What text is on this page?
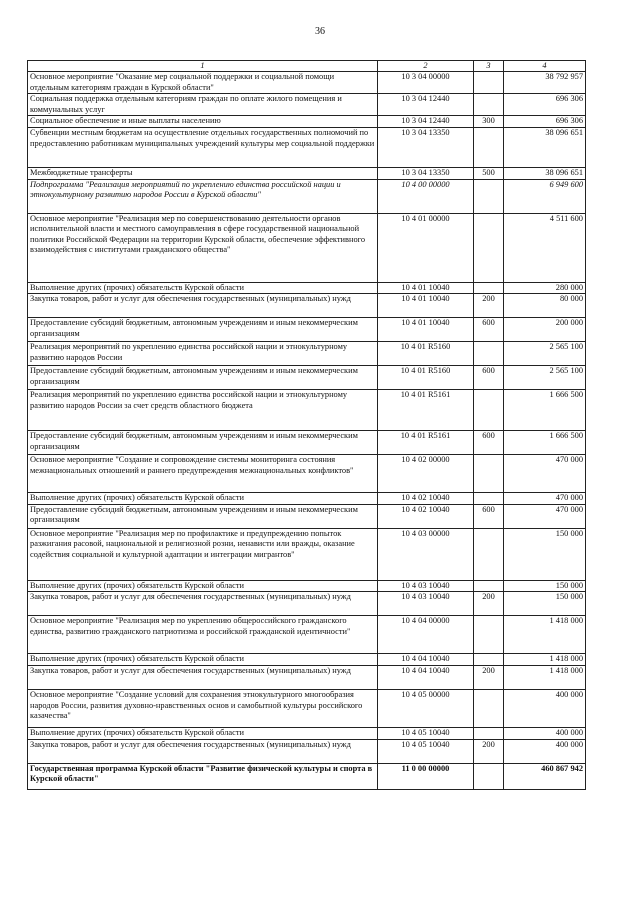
36
1	2	3	4
Основное мероприятие "Оказание мер социальной поддержки и социальной помощи отдельным категориям граждан в Курской области"	10 3 04 00000		38 792 957
Социальная поддержка отдельным категориям граждан по оплате жилого помещения и коммунальных услуг	10 3 04 12440		696 306
Социальное обеспечение и иные выплаты населению	10 3 04 12440	300	696 306
Субвенции местным бюджетам на осуществление отдельных государственных полномочий по предоставлению работникам муниципальных учреждений культуры мер социальной поддержки	10 3 04 13350		38 096 651
Межбюджетные трансферты	10 3 04 13350	500	38 096 651
Подпрограмма "Реализация мероприятий по укреплению единства российской нации и этнокультурному развитию народов России в Курской области"	10 4 00 00000		6 949 600
Основное мероприятие "Реализация мер по совершенствованию деятельности органов исполнительной власти и местного самоуправления в сфере государственной национальной политики Российской Федерации на территории Курской области, обеспечение эффективного взаимодействия с институтами гражданского общества"	10 4 01 00000		4 511 600
Выполнение других (прочих) обязательств Курской области	10 4 01 10040		280 000
Закупка товаров, работ и услуг для обеспечения государственных (муниципальных) нужд	10 4 01 10040	200	80 000
Предоставление субсидий бюджетным, автономным учреждениям и иным некоммерческим организациям	10 4 01 10040	600	200 000
Реализация мероприятий по укреплению единства российской нации и этнокультурному развитию народов России	10 4 01 R5160		2 565 100
Предоставление субсидий бюджетным, автономным учреждениям и иным некоммерческим организациям	10 4 01 R5160	600	2 565 100
Реализация мероприятий по укреплению единства российской нации и этнокультурному развитию народов России за счет средств областного бюджета	10 4 01 R5161		1 666 500
Предоставление субсидий бюджетным, автономным учреждениям и иным некоммерческим организациям	10 4 01 R5161	600	1 666 500
Основное мероприятие "Создание и сопровождение системы мониторинга состояния межнациональных отношений и раннего предупреждения межнациональных конфликтов"	10 4 02 00000		470 000
Выполнение других (прочих) обязательств Курской области	10 4 02 10040		470 000
Предоставление субсидий бюджетным, автономным учреждениям и иным некоммерческим организациям	10 4 02 10040	600	470 000
Основное мероприятие "Реализация мер по профилактике и предупреждению попыток разжигания расовой, национальной и религиозной розни, ненависти или вражды, оказание содействия социальной и культурной адаптации и интеграции мигрантов"	10 4 03 00000		150 000
Выполнение других (прочих) обязательств Курской области	10 4 03 10040		150 000
Закупка товаров, работ и услуг для обеспечения государственных (муниципальных) нужд	10 4 03 10040	200	150 000
Основное мероприятие "Реализация мер по укреплению общероссийского гражданского единства, развитию гражданского патриотизма и российской гражданской идентичности"	10 4 04 00000		1 418 000
Выполнение других (прочих) обязательств Курской области	10 4 04 10040		1 418 000
Закупка товаров, работ и услуг для обеспечения государственных (муниципальных) нужд	10 4 04 10040	200	1 418 000
Основное мероприятие "Создание условий для сохранения этнокультурного многообразия народов России, развития духовно-нравственных основ и самобытной культуры российского казачества"	10 4 05 00000		400 000
Выполнение других (прочих) обязательств Курской области	10 4 05 10040		400 000
Закупка товаров, работ и услуг для обеспечения государственных (муниципальных) нужд	10 4 05 10040	200	400 000
Государственная программа Курской области "Развитие физической культуры и спорта в Курской области"	11 0 00 00000		460 867 942
